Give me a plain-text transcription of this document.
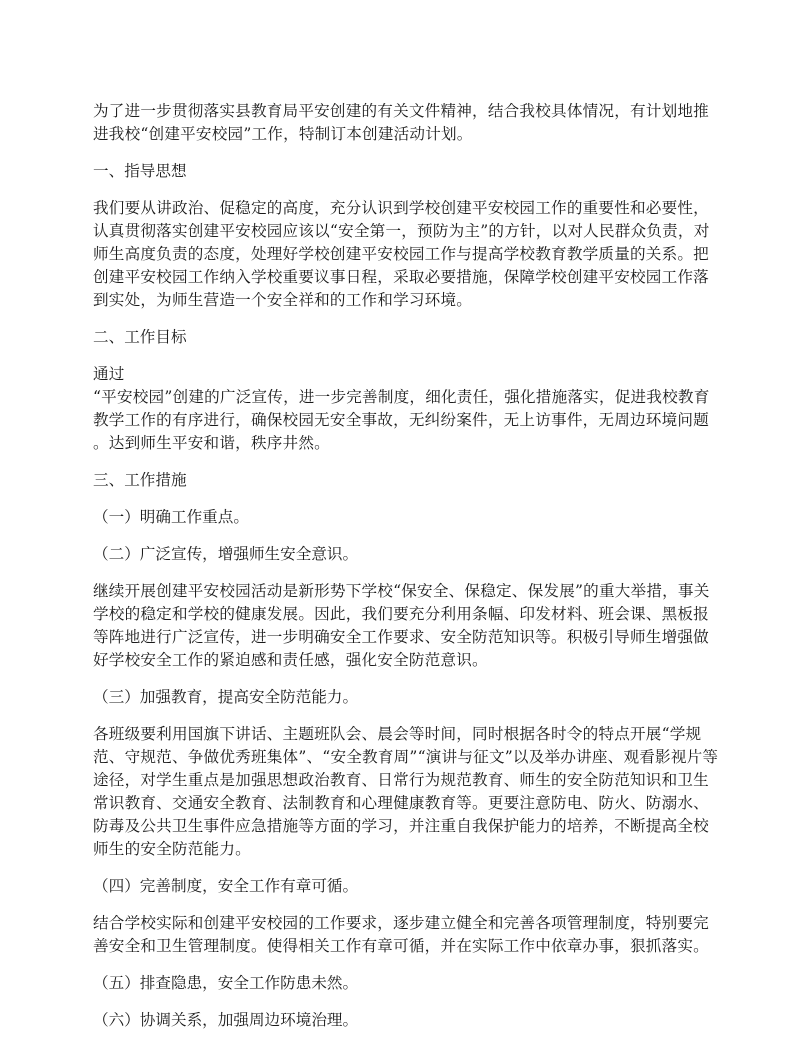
为了进一步贯彻落实县教育局平安创建的有关文件精神，结合我校具体情况，有计划地推
进我校“创建平安校园”工作，特制订本创建活动计划。
一、指导思想
我们要从讲政治、促稳定的高度，充分认识到学校创建平安校园工作的重要性和必要性，
认真贯彻落实创建平安校园应该以“安全第一，预防为主”的方针，以对人民群众负责，对
师生高度负责的态度，处理好学校创建平安校园工作与提高学校教育教学质量的关系。把
创建平安校园工作纳入学校重要议事日程，采取必要措施，保障学校创建平安校园工作落
到实处，为师生营造一个安全祥和的工作和学习环境。
二、工作目标
通过
“平安校园”创建的广泛宣传，进一步完善制度，细化责任，强化措施落实，促进我校教育
教学工作的有序进行，确保校园无安全事故，无纠纷案件，无上访事件，无周边环境问题
。达到师生平安和谐，秩序井然。
三、工作措施
（一）明确工作重点。
（二）广泛宣传，增强师生安全意识。
继续开展创建平安校园活动是新形势下学校“保安全、保稳定、保发展”的重大举措，事关
学校的稳定和学校的健康发展。因此，我们要充分利用条幅、印发材料、班会课、黑板报
等阵地进行广泛宣传，进一步明确安全工作要求、安全防范知识等。积极引导师生增强做
好学校安全工作的紧迫感和责任感，强化安全防范意识。
（三）加强教育，提高安全防范能力。
各班级要利用国旗下讲话、主题班队会、晨会等时间，同时根据各时令的特点开展“学规
范、守规范、争做优秀班集体”、“安全教育周”“演讲与征文”以及举办讲座、观看影视片等
途径，对学生重点是加强思想政治教育、日常行为规范教育、师生的安全防范知识和卫生
常识教育、交通安全教育、法制教育和心理健康教育等。更要注意防电、防火、防溺水、
防毒及公共卫生事件应急措施等方面的学习，并注重自我保护能力的培养，不断提高全校
师生的安全防范能力。
（四）完善制度，安全工作有章可循。
结合学校实际和创建平安校园的工作要求，逐步建立健全和完善各项管理制度，特别要完
善安全和卫生管理制度。使得相关工作有章可循，并在实际工作中依章办事，狠抓落实。
（五）排查隐患，安全工作防患未然。
（六）协调关系，加强周边环境治理。
